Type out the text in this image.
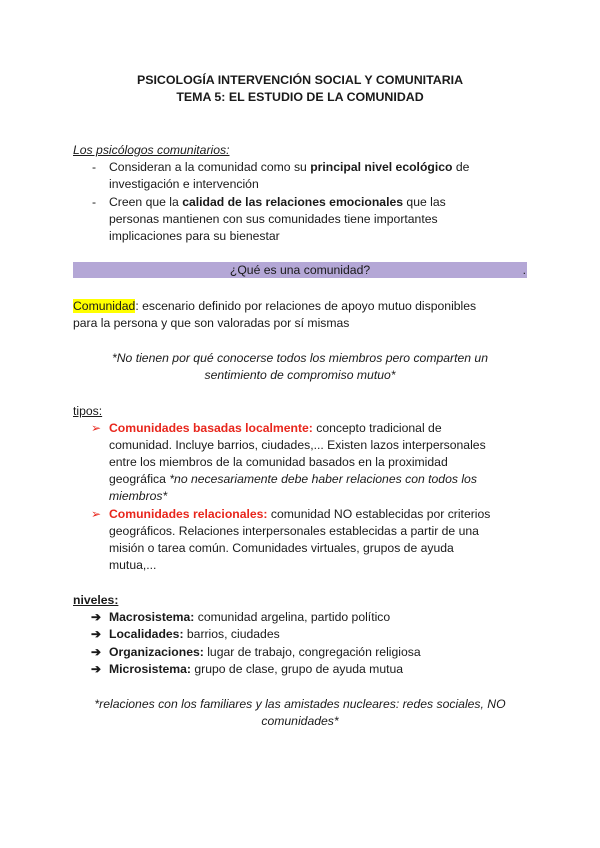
PSICOLOGÍA INTERVENCIÓN SOCIAL Y COMUNITARIA
TEMA 5: EL ESTUDIO DE LA COMUNIDAD
Los psicólogos comunitarios:
- Consideran a la comunidad como su principal nivel ecológico de
investigación e intervención
- Creen que la calidad de las relaciones emocionales que las
personas mantienen con sus comunidades tiene importantes
implicaciones para su bienestar
¿Qué es una comunidad?	.
Comunidad: escenario definido por relaciones de apoyo mutuo disponibles
para la persona y que son valoradas por sí mismas
*No tienen por qué conocerse todos los miembros pero comparten un
sentimiento de compromiso mutuo*
tipos:
➢ Comunidades basadas localmente: concepto tradicional de
comunidad. Incluye barrios, ciudades,... Existen lazos interpersonales
entre los miembros de la comunidad basados en la proximidad
geográfica *no necesariamente debe haber relaciones con todos los
miembros*
➢ Comunidades relacionales: comunidad NO establecidas por criterios
geográficos. Relaciones interpersonales establecidas a partir de una
misión o tarea común. Comunidades virtuales, grupos de ayuda
mutua,...
niveles:
➔ Macrosistema: comunidad argelina, partido político
➔ Localidades: barrios, ciudades
➔ Organizaciones: lugar de trabajo, congregación religiosa
➔ Microsistema: grupo de clase, grupo de ayuda mutua
*relaciones con los familiares y las amistades nucleares: redes sociales, NO
comunidades*
